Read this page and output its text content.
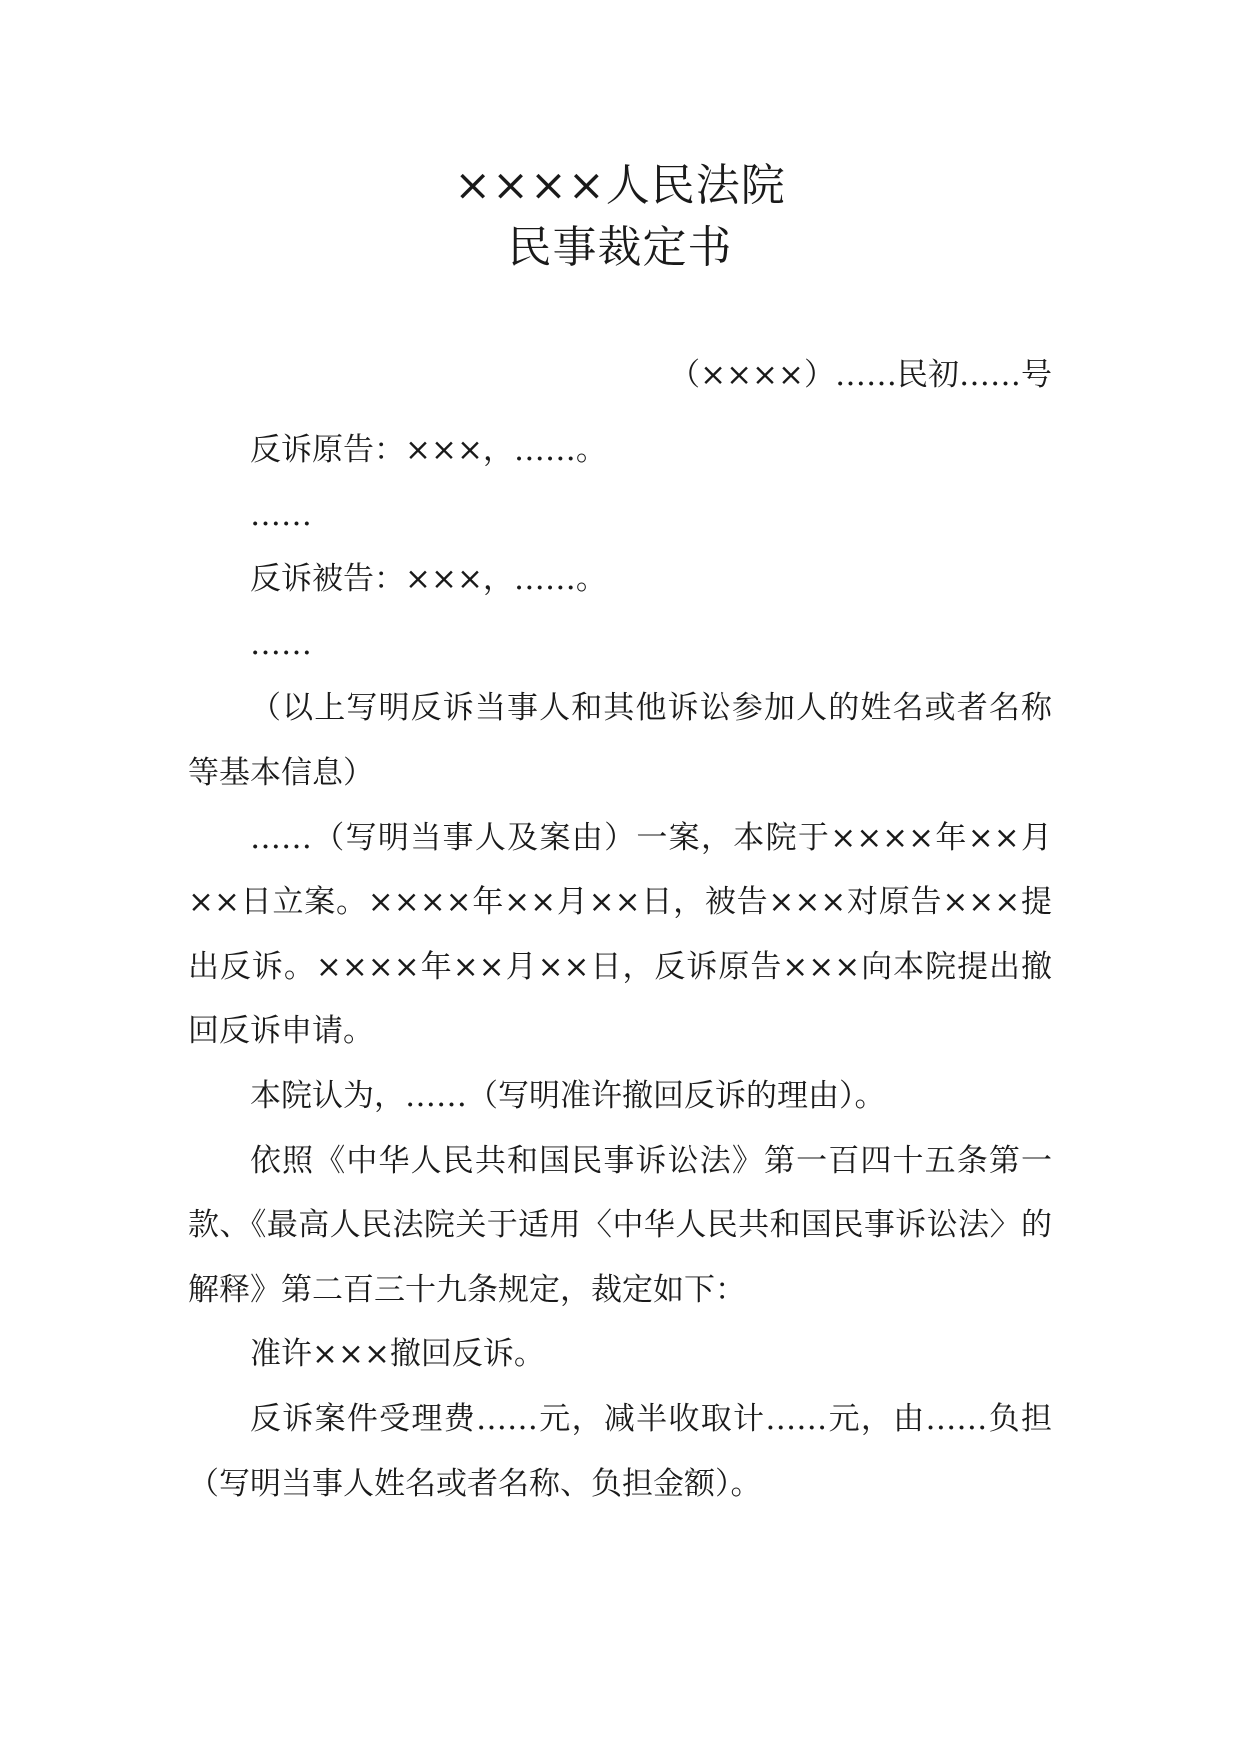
××××人民法院
民事裁定书
（××××）……民初……号

反诉原告：×××，……。

……

反诉被告：×××，……。

……

（以上写明反诉当事人和其他诉讼参加人的姓名或者名称等基本信息）

……（写明当事人及案由）一案，本院于××××年××月××日立案。××××年××月××日，被告×××对原告×××提出反诉。××××年××月××日，反诉原告×××向本院提出撤回反诉申请。

本院认为，……（写明准许撤回反诉的理由）。

依照《中华人民共和国民事诉讼法》第一百四十五条第一款、《最高人民法院关于适用〈中华人民共和国民事诉讼法〉的解释》第二百三十九条规定，裁定如下：

准许×××撤回反诉。

反诉案件受理费……元，减半收取计……元，由……负担 （写明当事人姓名或者名称、负担金额）。
